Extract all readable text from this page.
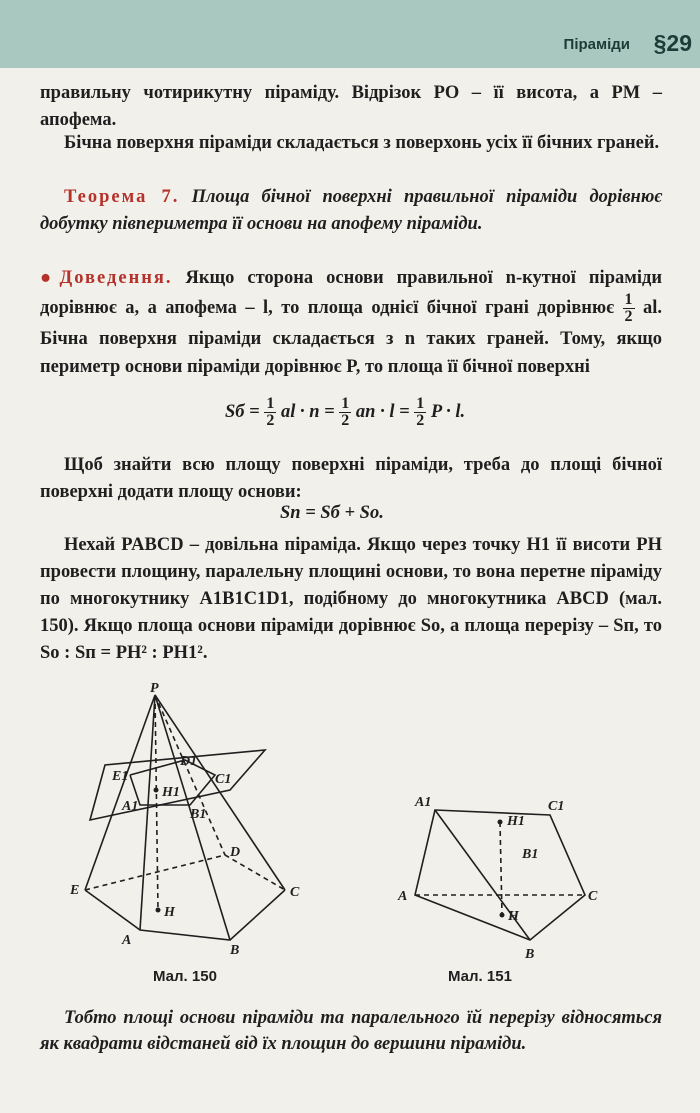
Піраміди §29
правильну чотирикутну піраміду. Відрізок PO – її висота, а PM – апофема.
Бічна поверхня піраміди складається з поверхонь усіх її бічних граней.
Теорема 7. Площа бічної поверхні правильної піраміди дорівнює добутку півпериметра її основи на апофему піраміди.
●Доведення. Якщо сторона основи правильної n-кутної піраміди дорівнює a, а апофема – l, то площа однієї бічної грані дорівнює $\frac{1}{2}$ al. Бічна поверхня піраміди складається з n таких граней. Тому, якщо периметр основи піраміди дорівнює P, то площа її бічної поверхні
Sб = $\frac{1}{2}$ al · $n = \frac{1}{2}$ an · $l = \frac{1}{2}$ P · l.
Щоб знайти всю площу поверхні піраміди, треба до площі бічної поверхні додати площу основи:
Sп = Sб + Sо.
Нехай PABCD – довільна піраміда. Якщо через точку H1 її висоти PH провести площину, паралельну площині основи, то вона перетне піраміду по многокутнику A1B1C1D1, подібному до многокутника ABCD (мал. 150). Якщо площа основи піраміди дорівнює Sо, а площа перерізу – Sп, то Sо : Sп = PH² : PH1².
P
E1
D1
C1
H1
A1
B1
D
E	C
H
A
B
Мал. 150
A1	C1
H1
B1
A	C
H
B
Мал. 151
Тобто площі основи піраміди та паралельного їй перерізу відносяться як квадрати відстаней від їх площин до вершини піраміди.
